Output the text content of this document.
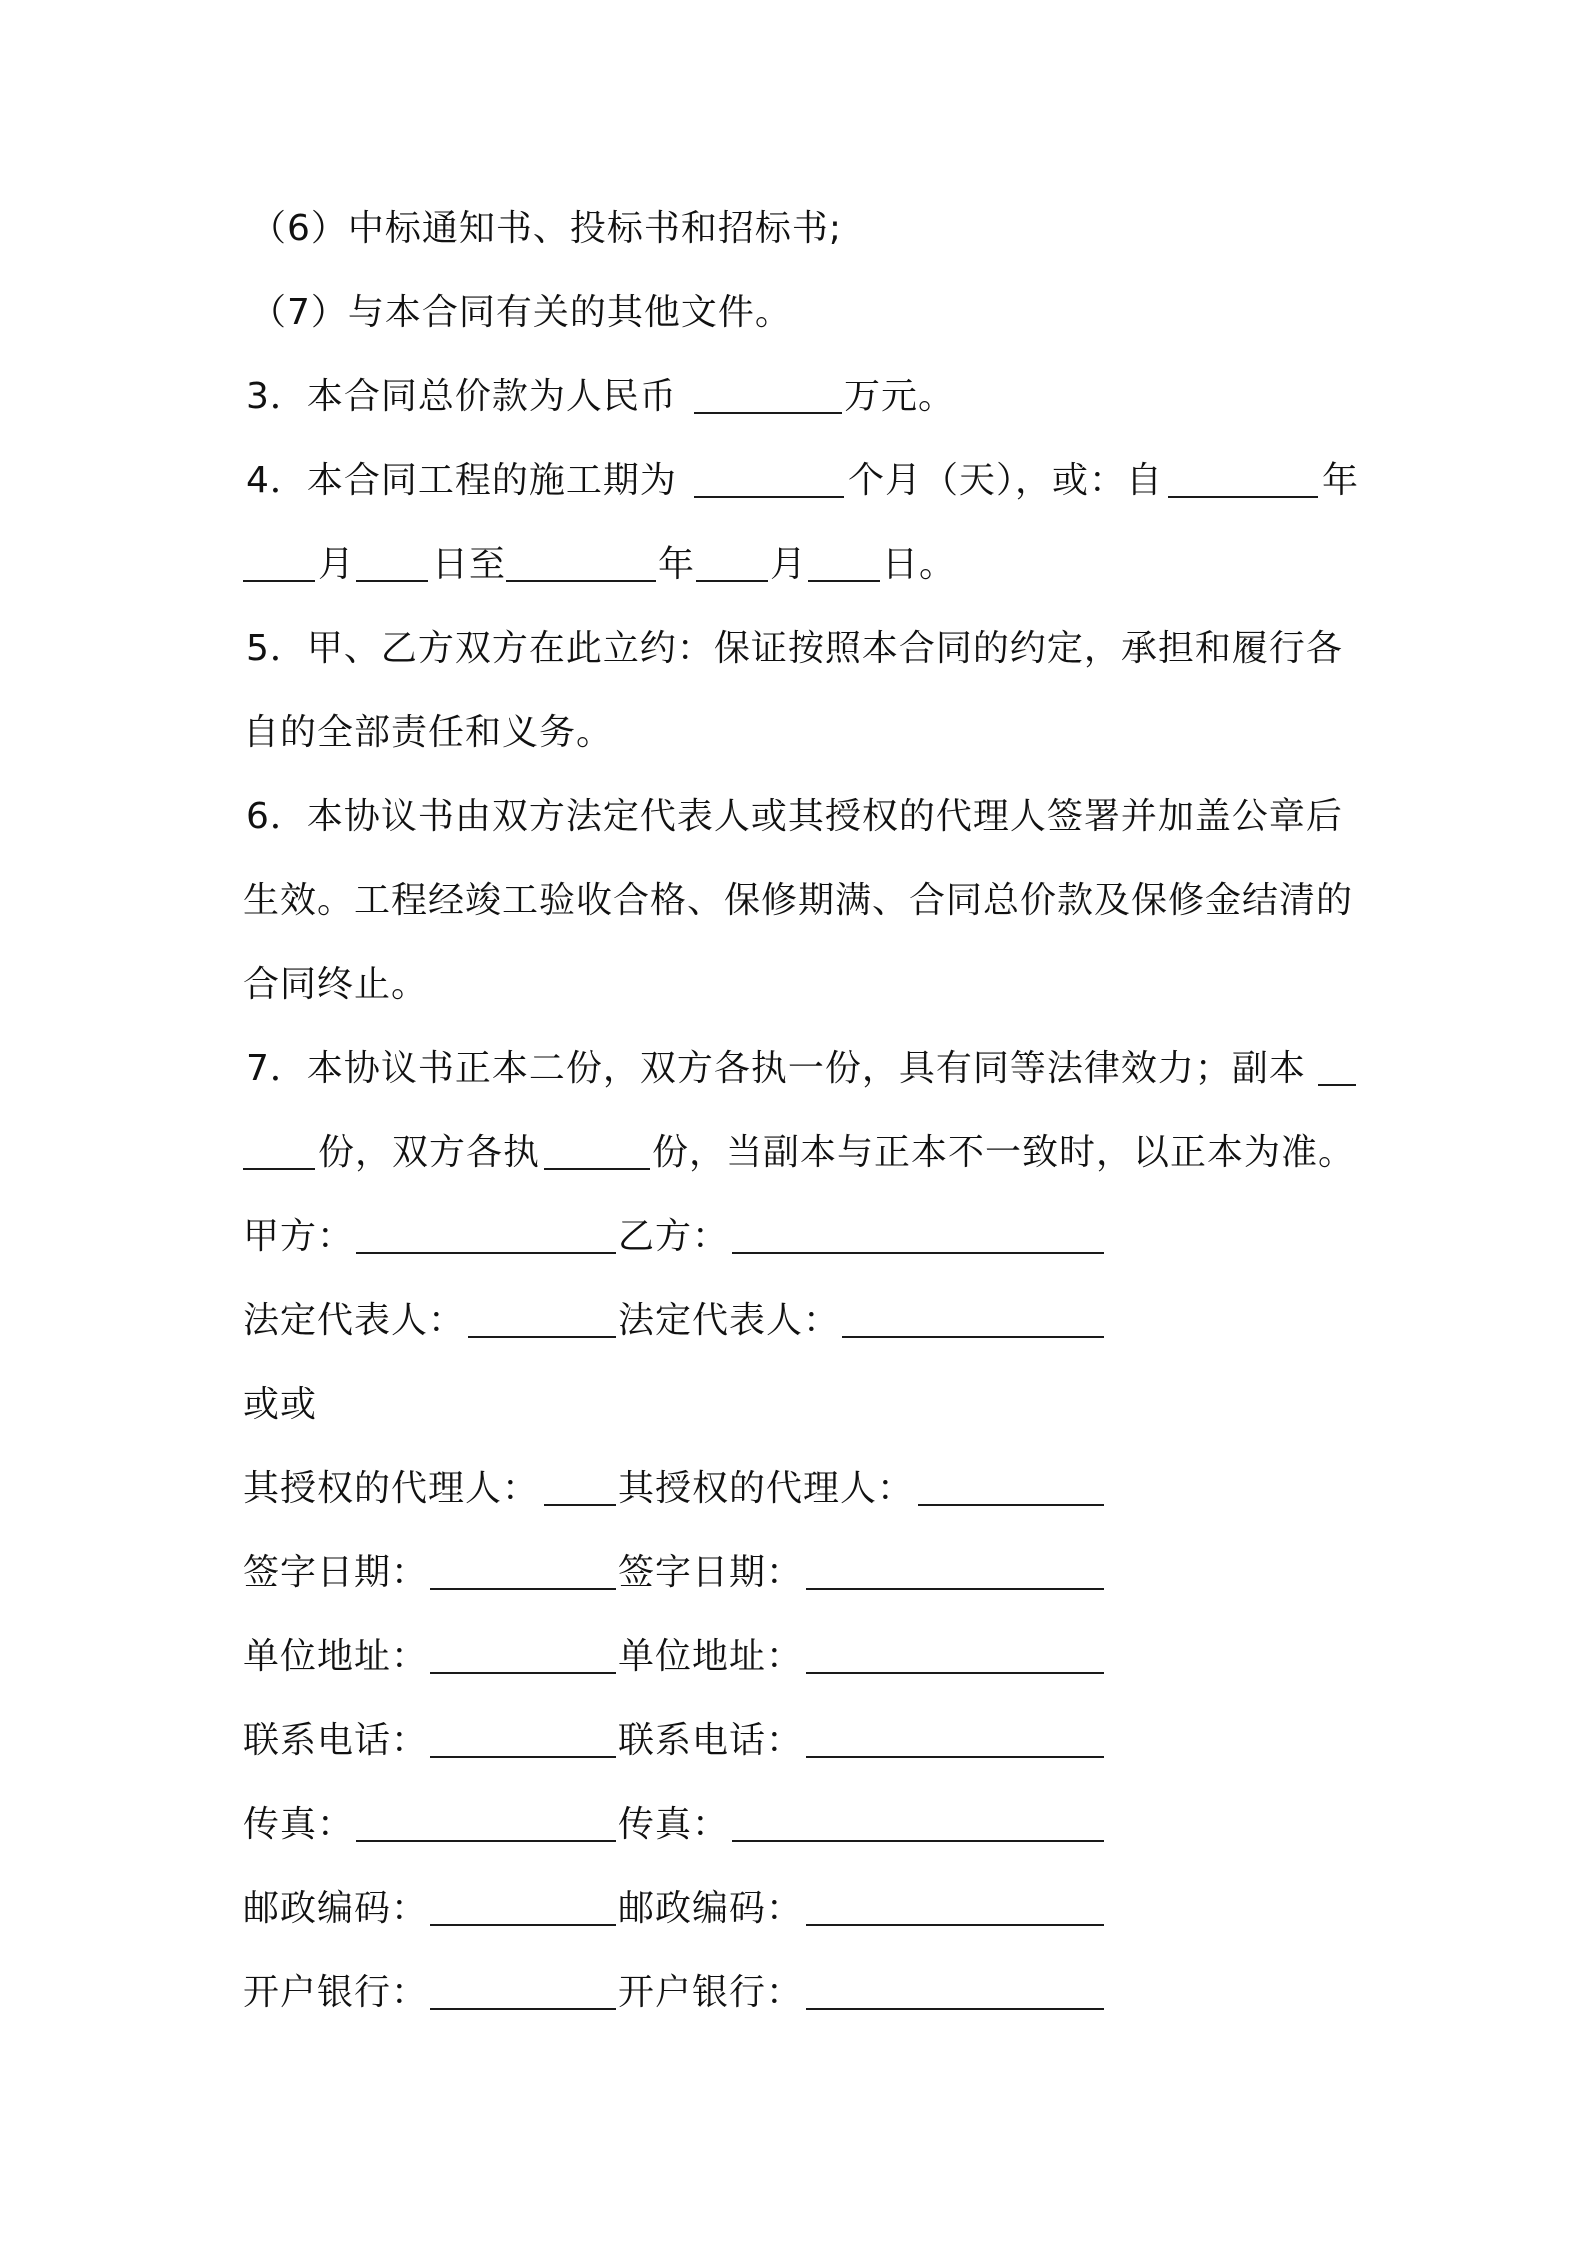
（6）中标通知书、投标书和招标书;
（7）与本合同有关的其他文件。
3．本合同总价款为人民币	万元。
4．本合同工程的施工期为	个月（天），或：自	年
月 日至	年 月 日。
5．甲、乙方双方在此立约：保证按照本合同的约定，承担和履行各
自的全部责任和义务。
6．本协议书由双方法定代表人或其授权的代理人签署并加盖公章后
生效。工程经竣工验收合格、保修期满、合同总价款及保修金结清的
合同终止。
7．本协议书正本二份，双方各执一份，具有同等法律效力；副本
份，双方各执	份，当副本与正本不一致时，以正本为准。
甲方：	乙方：
法定代表人：	法定代表人：
或或
其授权的代理人： 其授权的代理人：
签字日期：	签字日期：
单位地址：	单位地址：
联系电话：	联系电话：
传真：	传真：
邮政编码：	邮政编码：
开户银行：	开户银行：
